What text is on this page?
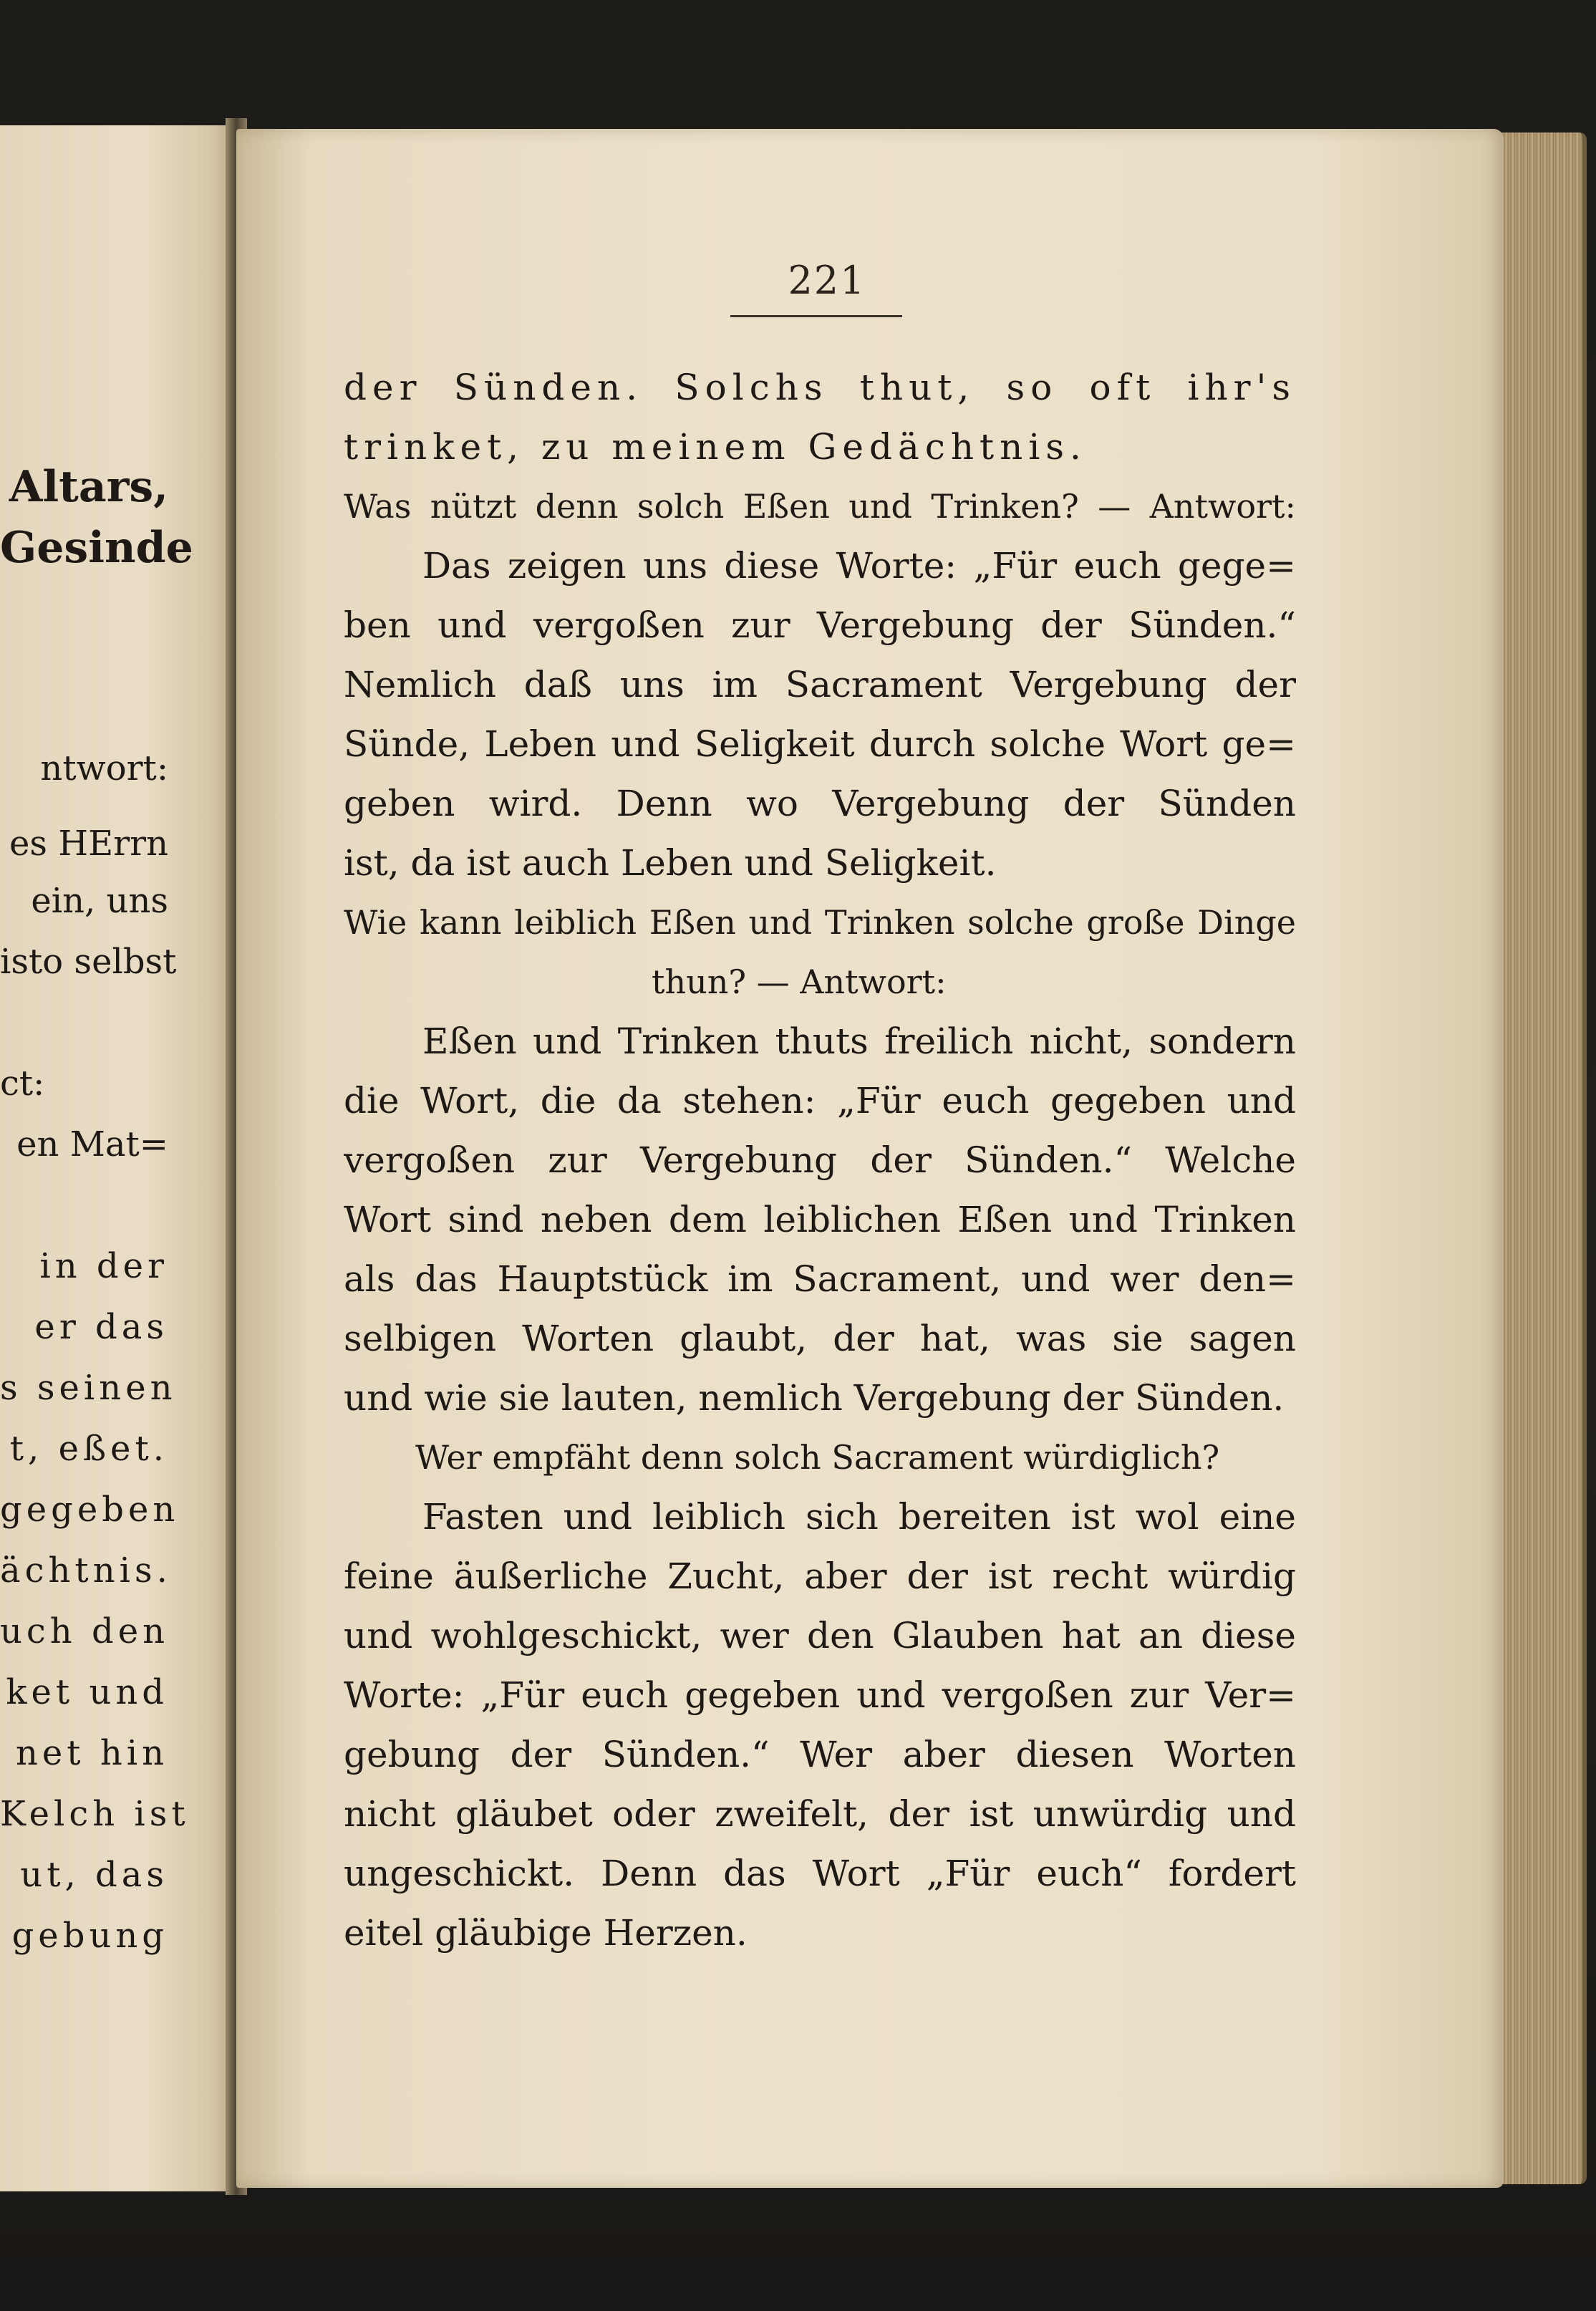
Altars,
Gesinde
ntwort:
es HErrn
ein, uns
isto selbst
ct:
en Mat=
in der
er das
s seinen
t, eßet.
gegeben
ächtnis.
uch den
ket und
net hin
Kelch ist
ut, das
gebung
221
der Sünden. Solchs thut, so oft ihr's
trinket, zu meinem Gedächtnis.
Was nützt denn solch Eßen und Trinken? — Antwort:
Das zeigen uns diese Worte: „Für euch gege=
ben und vergoßen zur Vergebung der Sünden.“
Nemlich daß uns im Sacrament Vergebung der
Sünde, Leben und Seligkeit durch solche Wort ge=
geben wird. Denn wo Vergebung der Sünden
ist, da ist auch Leben und Seligkeit.
Wie kann leiblich Eßen und Trinken solche große Dinge
thun? — Antwort:
Eßen und Trinken thuts freilich nicht, sondern
die Wort, die da stehen: „Für euch gegeben und
vergoßen zur Vergebung der Sünden.“ Welche
Wort sind neben dem leiblichen Eßen und Trinken
als das Hauptstück im Sacrament, und wer den=
selbigen Worten glaubt, der hat, was sie sagen
und wie sie lauten, nemlich Vergebung der Sünden.
Wer empfäht denn solch Sacrament würdiglich?
Fasten und leiblich sich bereiten ist wol eine
feine äußerliche Zucht, aber der ist recht würdig
und wohlgeschickt, wer den Glauben hat an diese
Worte: „Für euch gegeben und vergoßen zur Ver=
gebung der Sünden.“ Wer aber diesen Worten
nicht gläubet oder zweifelt, der ist unwürdig und
ungeschickt. Denn das Wort „Für euch“ fordert
eitel gläubige Herzen.
